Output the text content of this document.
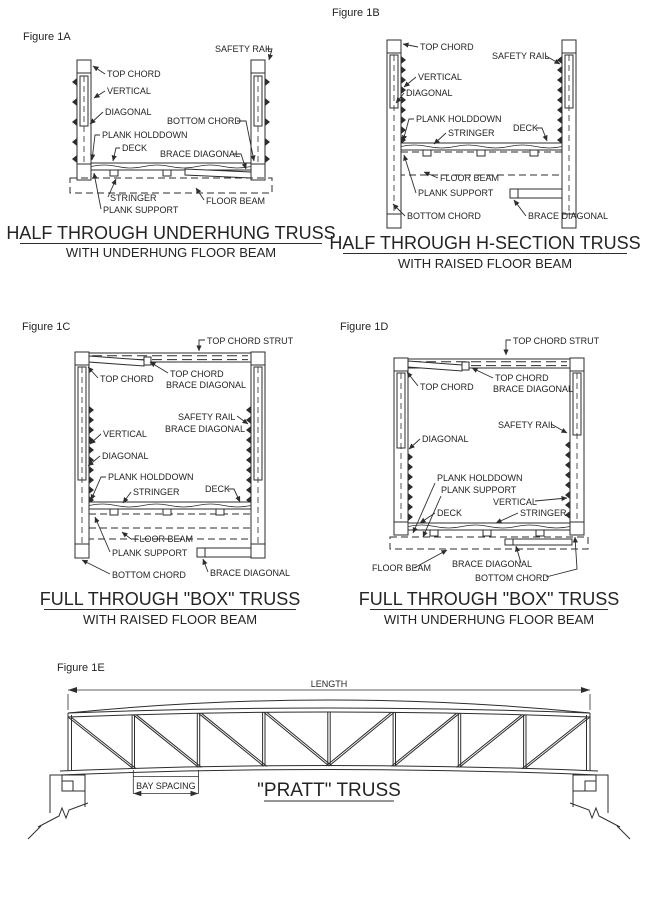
Figure 1A
TOP CHORD
VERTICAL
DIAGONAL
PLANK HOLDDOWN
DECK
SAFETY RAIL
BOTTOM CHORD
BRACE DIAGONAL
STRINGER
PLANK SUPPORT
FLOOR BEAM
HALF THROUGH UNDERHUNG TRUSS
WITH UNDERHUNG FLOOR BEAM
Figure 1B
TOP CHORD
SAFETY RAIL
VERTICAL
DIAGONAL
PLANK HOLDDOWN
STRINGER DECK
FLOOR BEAM
PLANK SUPPORT
BOTTOM CHORD	BRACE DIAGONAL
HALF THROUGH H-SECTION TRUSS
WITH RAISED FLOOR BEAM
Figure 1C
TOP CHORD STRUT
TOP CHORD TOP CHORD
BRACE DIAGONAL
SAFETY RAIL
BRACE DIAGONAL
VERTICAL
DIAGONAL
PLANK HOLDDOWN
STRINGER	DECK
FLOOR BEAM
PLANK SUPPORT
BOTTOM CHORD	BRACE DIAGONAL
FULL THROUGH "BOX" TRUSS
WITH RAISED FLOOR BEAM
Figure 1D
TOP CHORD STRUT
TOP CHORD
TOP CHORD
BRACE DIAGONAL
SAFETY RAIL
DIAGONAL
PLANK HOLDDOWN
PLANK SUPPORT
VERTICAL
DECK	STRINGER
FLOOR BEAM BRACE DIAGONAL
BOTTOM CHORD
FULL THROUGH "BOX" TRUSS
WITH UNDERHUNG FLOOR BEAM
Figure 1E
LENGTH
BAY SPACING	"PRATT" TRUSS
